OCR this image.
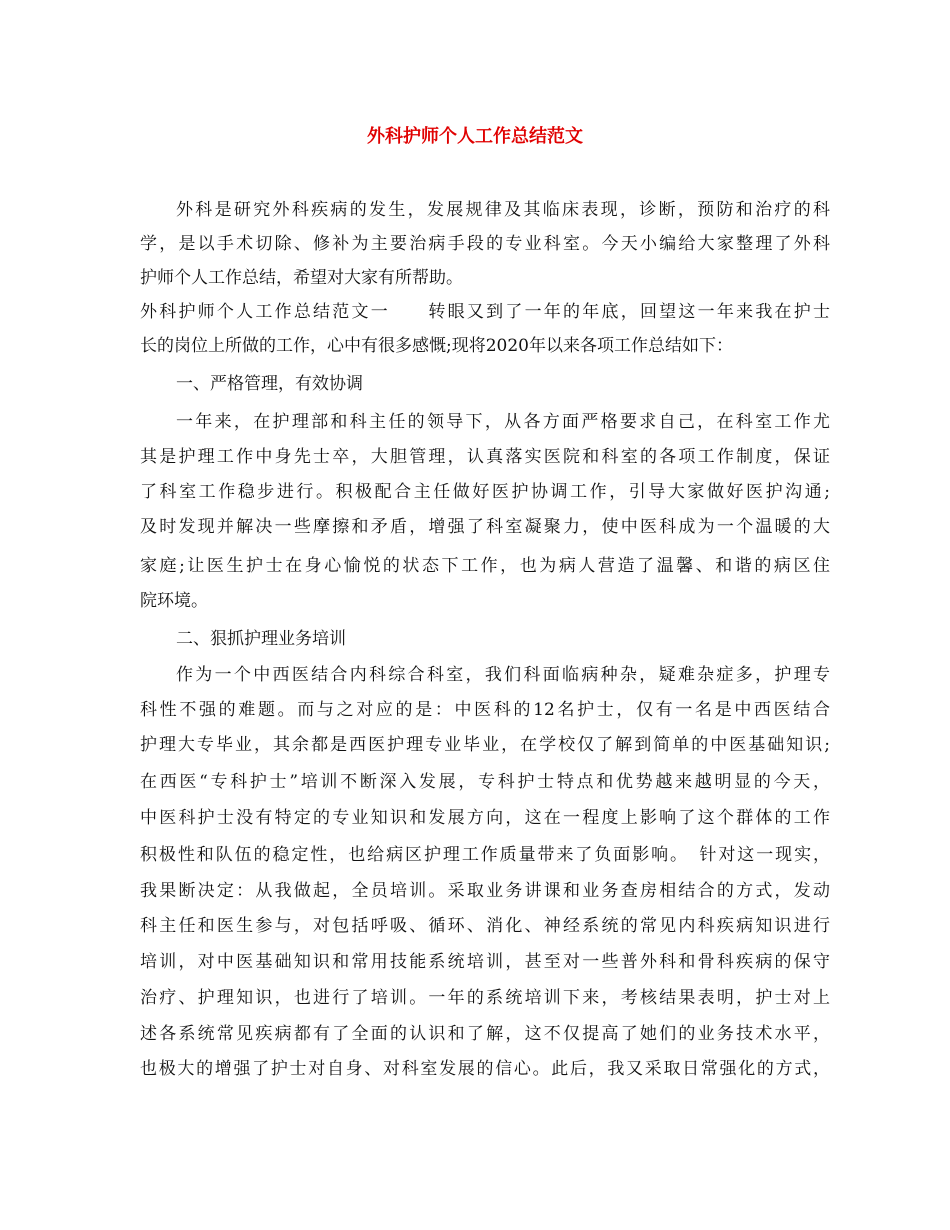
外科护师个人工作总结范文

外科是研究外科疾病的发生，发展规律及其临床表现，诊断，预防和治疗的科

学，是以手术切除、修补为主要治病手段的专业科室。今天小编给大家整理了外科

护师个人工作总结，希望对大家有所帮助。

外科护师个人工作总结范文一　　转眼又到了一年的年底，回望这一年来我在护士

长的岗位上所做的工作，心中有很多感慨;现将2020年以来各项工作总结如下：

一、严格管理，有效协调

一年来，在护理部和科主任的领导下，从各方面严格要求自己，在科室工作尤

其是护理工作中身先士卒，大胆管理，认真落实医院和科室的各项工作制度，保证

了科室工作稳步进行。积极配合主任做好医护协调工作，引导大家做好医护沟通;

及时发现并解决一些摩擦和矛盾，增强了科室凝聚力，使中医科成为一个温暖的大

家庭;让医生护士在身心愉悦的状态下工作，也为病人营造了温馨、和谐的病区住

院环境。

二、狠抓护理业务培训

作为一个中西医结合内科综合科室，我们科面临病种杂，疑难杂症多，护理专

科性不强的难题。而与之对应的是：中医科的12名护士，仅有一名是中西医结合

护理大专毕业，其余都是西医护理专业毕业，在学校仅了解到简单的中医基础知识;

在西医“专科护士”培训不断深入发展，专科护士特点和优势越来越明显的今天，

中医科护士没有特定的专业知识和发展方向，这在一程度上影响了这个群体的工作

积极性和队伍的稳定性，也给病区护理工作质量带来了负面影响。　针对这一现实，

我果断决定：从我做起，全员培训。采取业务讲课和业务查房相结合的方式，发动

科主任和医生参与，对包括呼吸、循环、消化、神经系统的常见内科疾病知识进行

培训，对中医基础知识和常用技能系统培训，甚至对一些普外科和骨科疾病的保守

治疗、护理知识，也进行了培训。一年的系统培训下来，考核结果表明，护士对上

述各系统常见疾病都有了全面的认识和了解，这不仅提高了她们的业务技术水平，

也极大的增强了护士对自身、对科室发展的信心。此后，我又采取日常强化的方式，
